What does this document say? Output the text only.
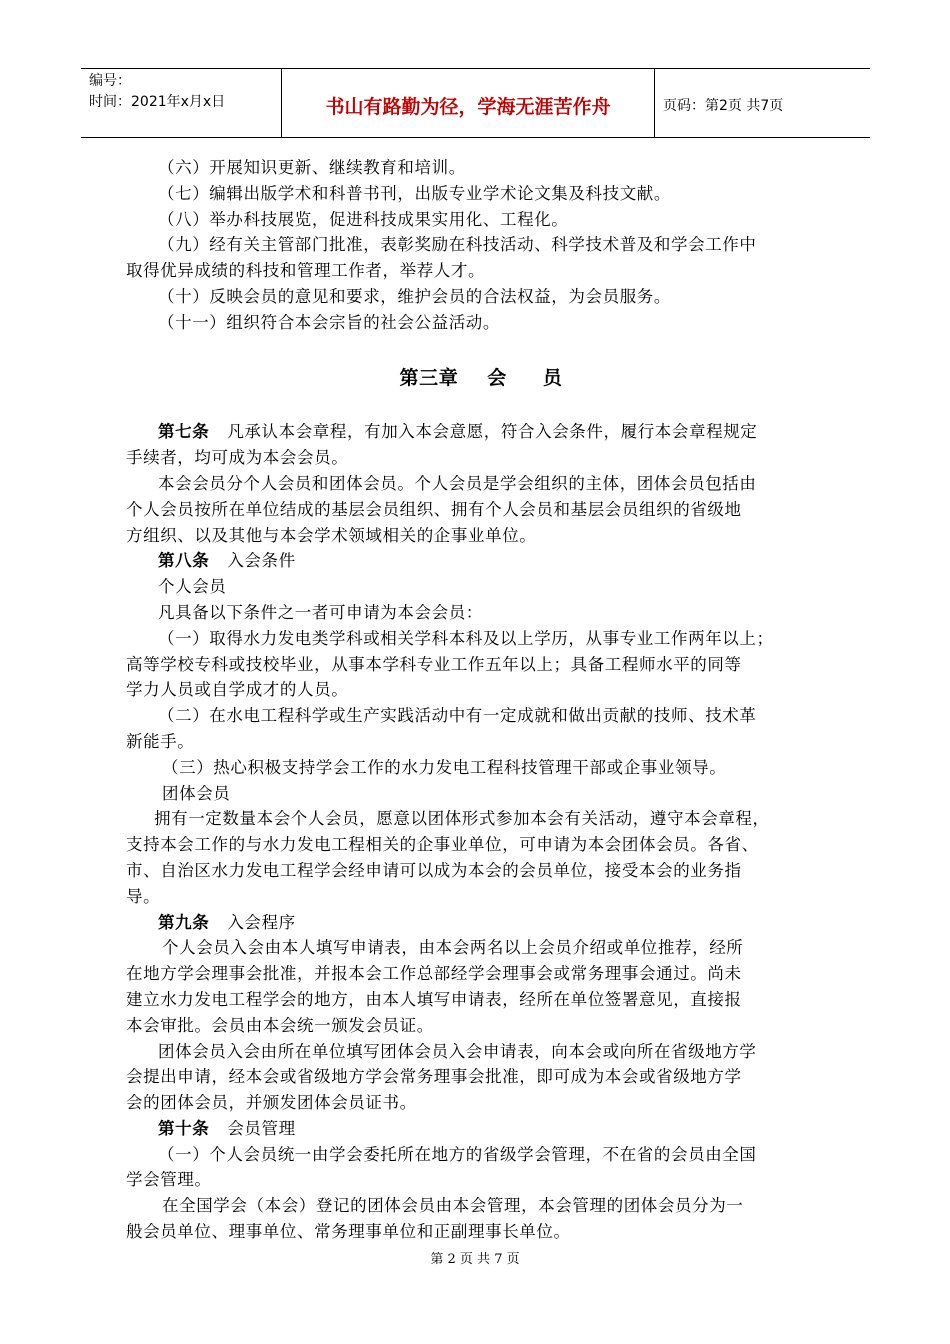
编号：
时间：2021年x月x日	书山有路勤为径，学海无涯苦作舟	页码：第2页 共7页

（六）开展知识更新、继续教育和培训。

（七）编辑出版学术和科普书刊，出版专业学术论文集及科技文献。

（八）举办科技展览，促进科技成果实用化、工程化。

（九）经有关主管部门批准，表彰奖励在科技活动、科学技术普及和学会工作中

取得优异成绩的科技和管理工作者，举荐人才。

（十）反映会员的意见和要求，维护会员的合法权益，为会员服务。

（十一）组织符合本会宗旨的社会公益活动。

第三章    会     员

第七条 凡承认本会章程，有加入本会意愿，符合入会条件，履行本会章程规定

手续者，均可成为本会会员。

本会会员分个人会员和团体会员。个人会员是学会组织的主体，团体会员包括由

个人会员按所在单位结成的基层会员组织、拥有个人会员和基层会员组织的省级地

方组织、以及其他与本会学术领域相关的企事业单位。

第八条 入会条件

个人会员

凡具备以下条件之一者可申请为本会会员：

（一）取得水力发电类学科或相关学科本科及以上学历，从事专业工作两年以上；

高等学校专科或技校毕业，从事本学科专业工作五年以上；具备工程师水平的同等

学力人员或自学成才的人员。

（二）在水电工程科学或生产实践活动中有一定成就和做出贡献的技师、技术革

新能手。

（三）热心积极支持学会工作的水力发电工程科技管理干部或企事业领导。

团体会员

拥有一定数量本会个人会员，愿意以团体形式参加本会有关活动，遵守本会章程，

支持本会工作的与水力发电工程相关的企事业单位，可申请为本会团体会员。各省、

市、自治区水力发电工程学会经申请可以成为本会的会员单位，接受本会的业务指

导。

第九条 入会程序

个人会员入会由本人填写申请表，由本会两名以上会员介绍或单位推荐，经所

在地方学会理事会批准，并报本会工作总部经学会理事会或常务理事会通过。尚未

建立水力发电工程学会的地方，由本人填写申请表，经所在单位签署意见，直接报

本会审批。会员由本会统一颁发会员证。

团体会员入会由所在单位填写团体会员入会申请表，向本会或向所在省级地方学

会提出申请，经本会或省级地方学会常务理事会批准，即可成为本会或省级地方学

会的团体会员，并颁发团体会员证书。

第十条 会员管理

（一）个人会员统一由学会委托所在地方的省级学会管理，不在省的会员由全国

学会管理。

在全国学会（本会）登记的团体会员由本会管理，本会管理的团体会员分为一

般会员单位、理事单位、常务理事单位和正副理事长单位。

第 2 页 共 7 页
